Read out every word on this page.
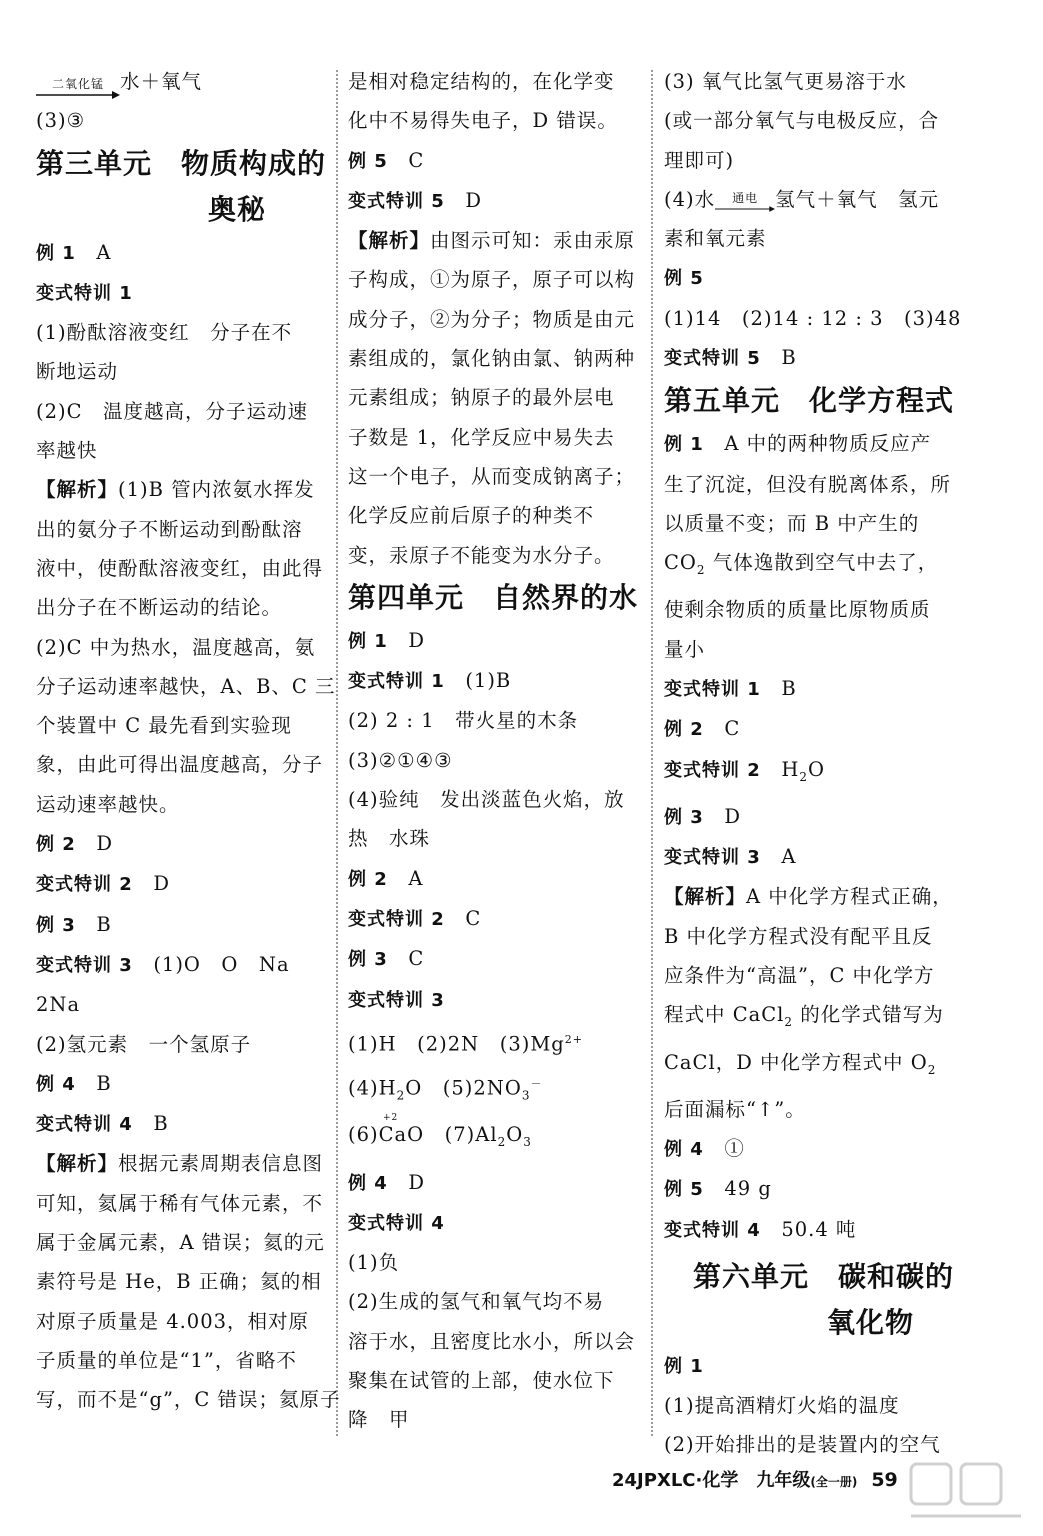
二氧化锰 水＋氧气
(3)③
第三单元　物质构成的
奥秘
例 1　 A
变式特训 1
(1)酚酞溶液变红　分子在不
断地运动
(2)C　温度越高，分子运动速
率越快
【解析】(1)B 管内浓氨水挥发
出的氨分子不断运动到酚酞溶
液中，使酚酞溶液变红，由此得
出分子在不断运动的结论。
(2)C 中为热水，温度越高，氨
分子运动速率越快，A、B、C 三
个装置中 C 最先看到实验现
象，由此可得出温度越高，分子
运动速率越快。
例 2　 D
变式特训 2　 D
例 3　 B
变式特训 3　 (1)O　O　Na
2Na
(2)氢元素　一个氢原子
例 4　 B
变式特训 4　 B
【解析】根据元素周期表信息图
可知，氦属于稀有气体元素，不
属于金属元素，A 错误；氦的元
素符号是 He，B 正确；氦的相
对原子质量是 4.003，相对原
子质量的单位是“1”，省略不
写，而不是“g”，C 错误；氦原子
是相对稳定结构的，在化学变
化中不易得失电子，D 错误。
例 5　 C
变式特训 5　 D
【解析】由图示可知：汞由汞原
子构成，①为原子，原子可以构
成分子，②为分子；物质是由元
素组成的，氯化钠由氯、钠两种
元素组成；钠原子的最外层电
子数是 1，化学反应中易失去
这一个电子，从而变成钠离子；
化学反应前后原子的种类不
变，汞原子不能变为水分子。
第四单元　自然界的水
例 1　 D
变式特训 1　 (1)B
(2) 2 : 1　带火星的木条
(3)②①④③
(4)验纯　发出淡蓝色火焰，放
热　水珠
例 2　 A
变式特训 2　 C
例 3　 C
变式特训 3
(1)H　(2)2N　$(3)Mg^{2+}$
$(4)H_2O$　$(5)2NO_3^-$
+2
(6)CaO　$(7)Al_2O_3$
例 4　 D
变式特训 4
(1)负
(2)生成的氢气和氧气均不易
溶于水，且密度比水小，所以会
聚集在试管的上部，使水位下
降　甲
(3) 氧气比氢气更易溶于水
(或一部分氧气与电极反应，合
理即可)
(4)水	通电 氢气＋氧气　氢元
素和氧元素
例 5
(1)14　(2)14 : 12 : 3　(3)48
变式特训 5　 B
第五单元　化学方程式
例 1　 A 中的两种物质反应产
生了沉淀，但没有脱离体系，所
以质量不变；而 B 中产生的
$CO_2$ 气体逸散到空气中去了，
使剩余物质的质量比原物质质
量小
变式特训 1　 B
例 2　 C
变式特训 2　 $H_2O$
例 3　 D
变式特训 3　 A
【解析】A 中化学方程式正确，
B 中化学方程式没有配平且反
应条件为“高温”，C 中化学方
程式中 CaCl$_2$ 的化学式错写为
CaCl，D 中化学方程式中 $O_2$
后面漏标“↑”。
例 4　 ①
例 5　 49 g
变式特训 4　 50.4 吨
第六单元　碳和碳的
氧化物
例 1
(1)提高酒精灯火焰的温度
(2)开始排出的是装置内的空气
24JPXLC·化学　九年级(全一册) 59
